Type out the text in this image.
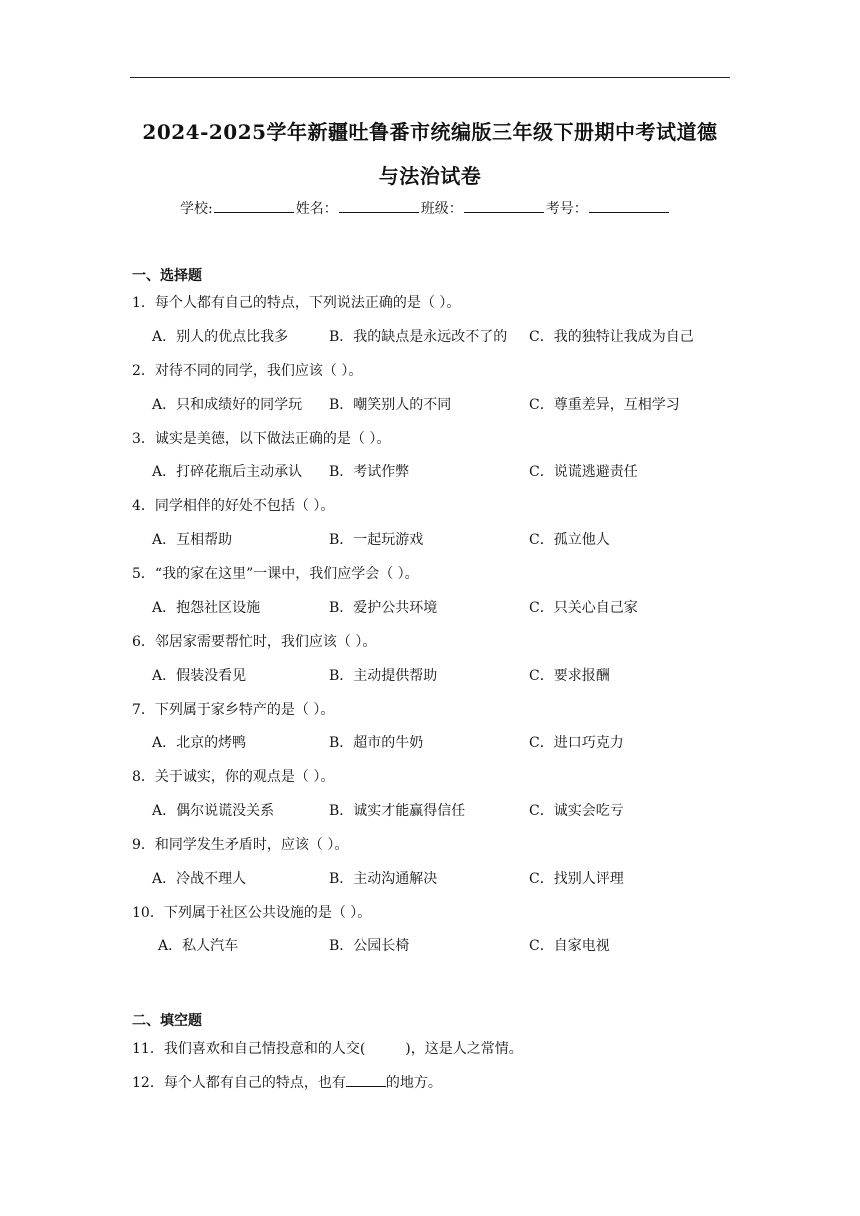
2024-2025学年新疆吐鲁番市统编版三年级下册期中考试道德
与法治试卷
学校:	姓名：	班级：	考号：
一、选择题
1．每个人都有自己的特点，下列说法正确的是（ ）。
A．别人的优点比我多	B．我的缺点是永远改不了的 C．我的独特让我成为自己
2．对待不同的同学，我们应该（ ）。
A．只和成绩好的同学玩 B．嘲笑别人的不同	C．尊重差异，互相学习
3．诚实是美德，以下做法正确的是（ ）。
A．打碎花瓶后主动承认 B．考试作弊	C．说谎逃避责任
4．同学相伴的好处不包括（ ）。
A．互相帮助	B．一起玩游戏	C．孤立他人
5．“我的家在这里”一课中，我们应学会（ ）。
A．抱怨社区设施	B．爱护公共环境	C．只关心自己家
6．邻居家需要帮忙时，我们应该（ ）。
A．假装没看见	B．主动提供帮助	C．要求报酬
7．下列属于家乡特产的是（ ）。
A．北京的烤鸭	B．超市的牛奶	C．进口巧克力
8．关于诚实，你的观点是（ ）。
A．偶尔说谎没关系	B．诚实才能赢得信任	C．诚实会吃亏
9．和同学发生矛盾时，应该（ ）。
A．冷战不理人	B．主动沟通解决	C．找别人评理
10．下列属于社区公共设施的是（ ）。
A．私人汽车	B．公园长椅	C．自家电视
二、填空题
11．我们喜欢和自己情投意和的人交(	)，这是人之常情。
12．每个人都有自己的特点，也有	的地方。
